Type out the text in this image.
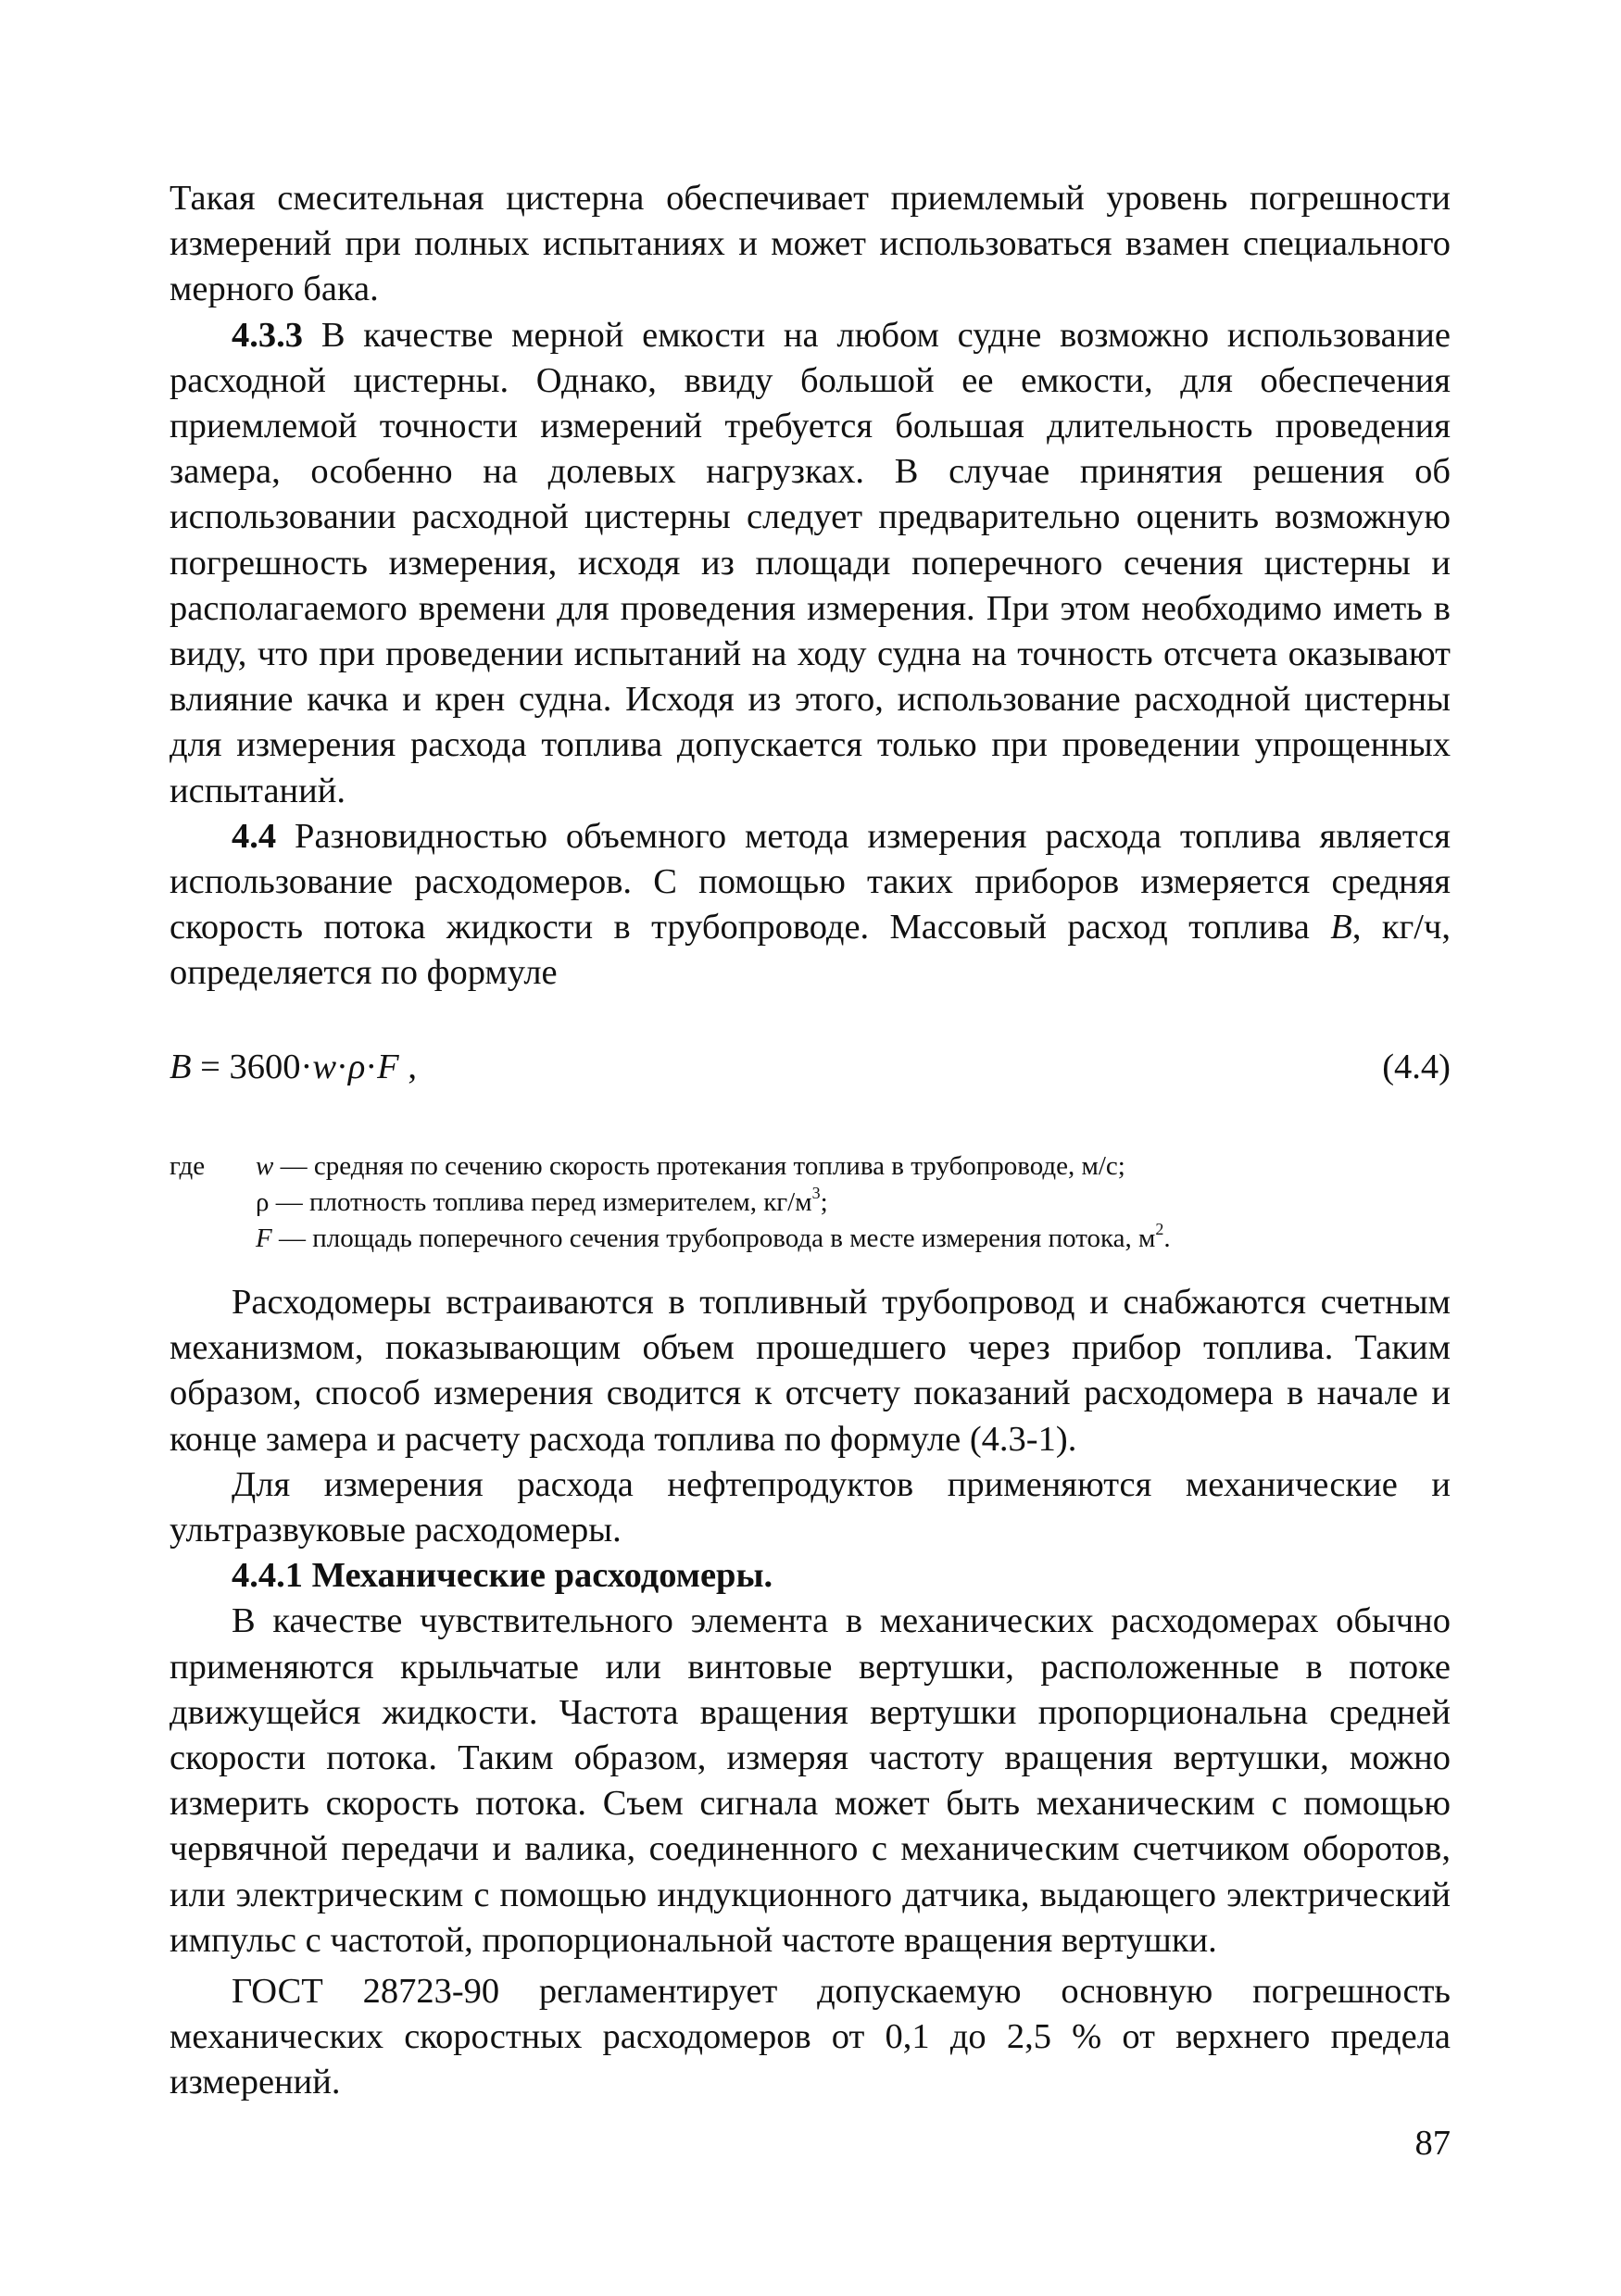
Такая смесительная цистерна обеспечивает приемлемый уровень погрешности измерений при полных испытаниях и может использоваться взамен специального мерного бака.

4.3.3 В качестве мерной емкости на любом судне возможно использование расходной цистерны. Однако, ввиду большой ее емкости, для обеспечения приемлемой точности измерений требуется большая длительность проведения замера, особенно на долевых нагрузках. В случае принятия решения об использовании расходной цистерны следует предварительно оценить возможную погрешность измерения, исходя из площади поперечного сечения цистерны и располагаемого времени для проведения измерения. При этом необходимо иметь в виду, что при проведении испытаний на ходу судна на точность отсчета оказывают влияние качка и крен судна. Исходя из этого, использование расходной цистерны для измерения расхода топлива допускается только при проведении упрощенных испытаний.

4.4 Разновидностью объемного метода измерения расхода топлива является использование расходомеров. С помощью таких приборов измеряется средняя скорость потока жидкости в трубопроводе. Массовый расход топлива B, кг/ч, определяется по формуле

B = 3600·w·ρ·F ,	(4.4)
где	w — средняя по сечению скорость протекания топлива в трубопроводе, м/с;
ρ — плотность топлива перед измерителем, $кг/м^3$;
F — площадь поперечного сечения трубопровода в месте измерения потока, $м^2$.

Расходомеры встраиваются в топливный трубопровод и снабжаются счетным механизмом, показывающим объем прошедшего через прибор топлива. Таким образом, способ измерения сводится к отсчету показаний расходомера в начале и конце замера и расчету расхода топлива по формуле (4.3-1).

Для измерения расхода нефтепродуктов применяются механические и ультразвуковые расходомеры.

4.4.1 Механические расходомеры.

В качестве чувствительного элемента в механических расходомерах обычно применяются крыльчатые или винтовые вертушки, расположенные в потоке движущейся жидкости. Частота вращения вертушки пропорциональна средней скорости потока. Таким образом, измеряя частоту вращения вертушки, можно измерить скорость потока. Съем сигнала может быть механическим с помощью червячной передачи и валика, соединенного с механическим счетчиком оборотов, или электрическим с помощью индукционного датчика, выдающего электрический импульс с частотой, пропорциональной частоте вращения вертушки.

ГОСТ 28723-90 регламентирует допускаемую основную погрешность механических скоростных расходомеров от 0,1 до 2,5 % от верхнего предела измерений.

87
